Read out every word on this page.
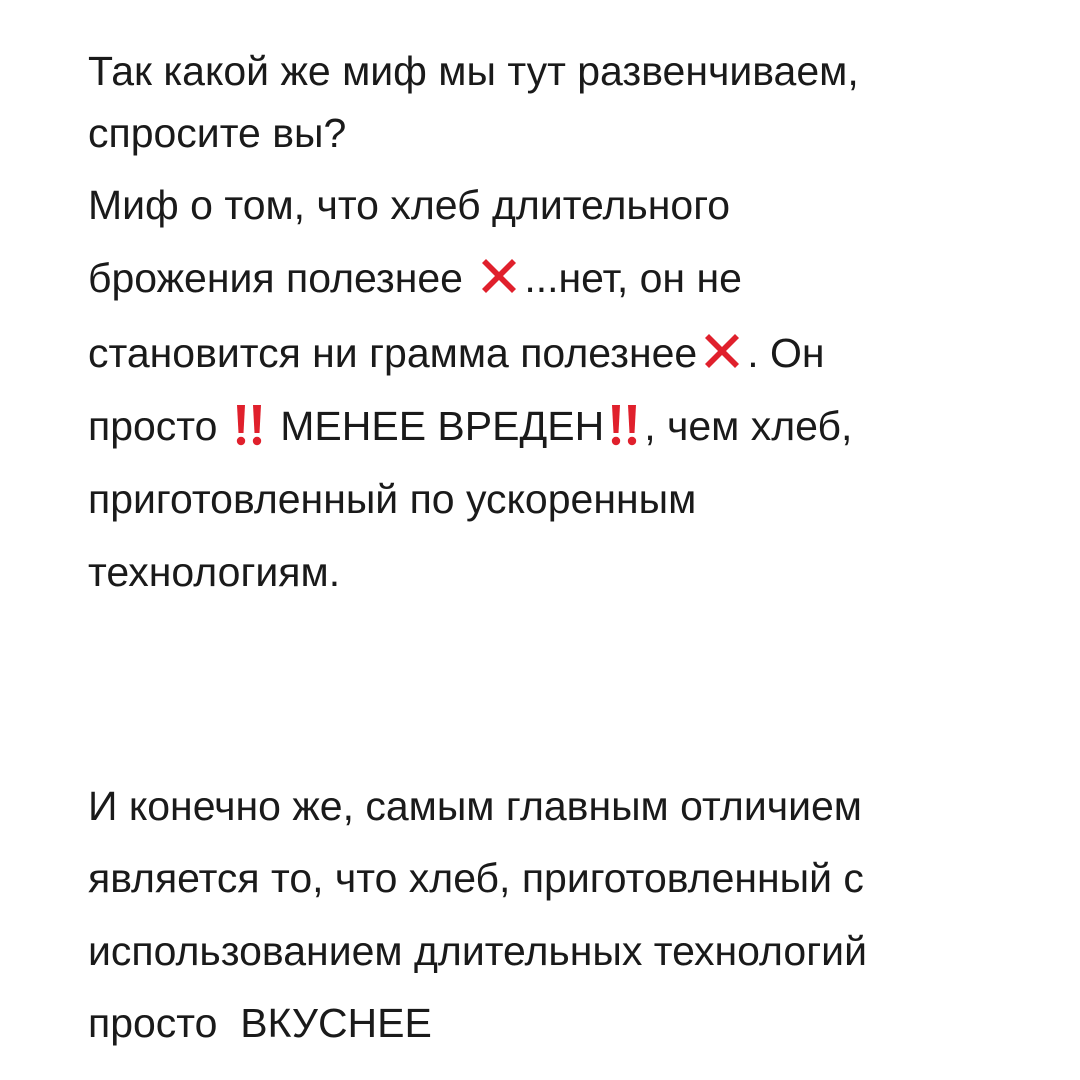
Так какой же миф мы тут развенчиваем,
спросите вы?
Миф о том, что хлеб длительного
брожения полезнее
...нет, он не
становится ни грамма полезнее . Он
просто
МЕНЕЕ ВРЕДЕН , чем хлеб,
приготовленный по ускоренным
технологиям.
И конечно же, самым главным отличием
является то, что хлеб, приготовленный с
использованием длительных технологий
просто  ВКУСНЕЕ
